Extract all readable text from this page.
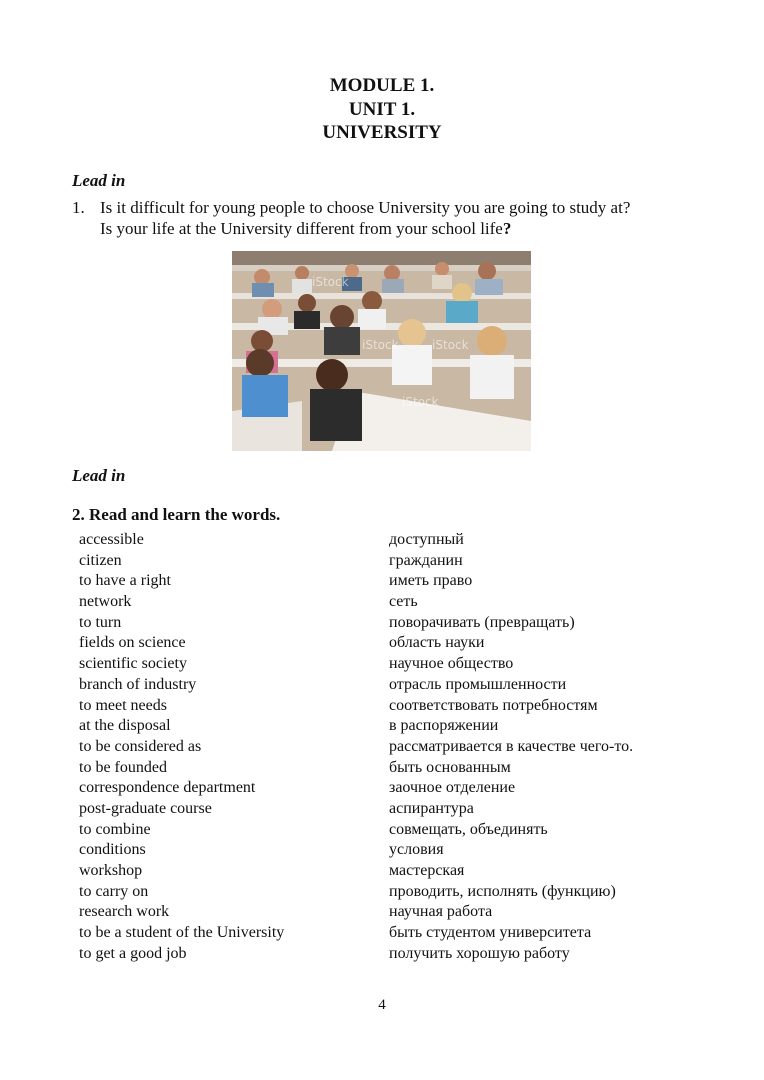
MODULE 1.
UNIT 1.
UNIVERSITY
Lead in
1. Is it difficult for young people to choose University you are going to study at?
Is your life at the University different from your school life?
iStock
iStock	iStock
iStock
Lead in
2. Read and learn the words.
accessible	доступный
citizen	гражданин
to have a right	иметь право
network	сеть
to turn	поворачивать (превращать)
fields on science	область науки
scientific society	научное общество
branch of industry	отрасль промышленности
to meet needs	соответствовать потребностям
at the disposal	в распоряжении
to be considered as	рассматривается в качестве чего-то.
to be founded	быть основанным
correspondence department	заочное отделение
post-graduate course	аспирантура
to combine	совмещать, объединять
conditions	условия
workshop	мастерская
to carry on	проводить, исполнять (функцию)
research work	научная работа
to be a student of the University	быть студентом университета
to get a good job	получить хорошую работу
4
